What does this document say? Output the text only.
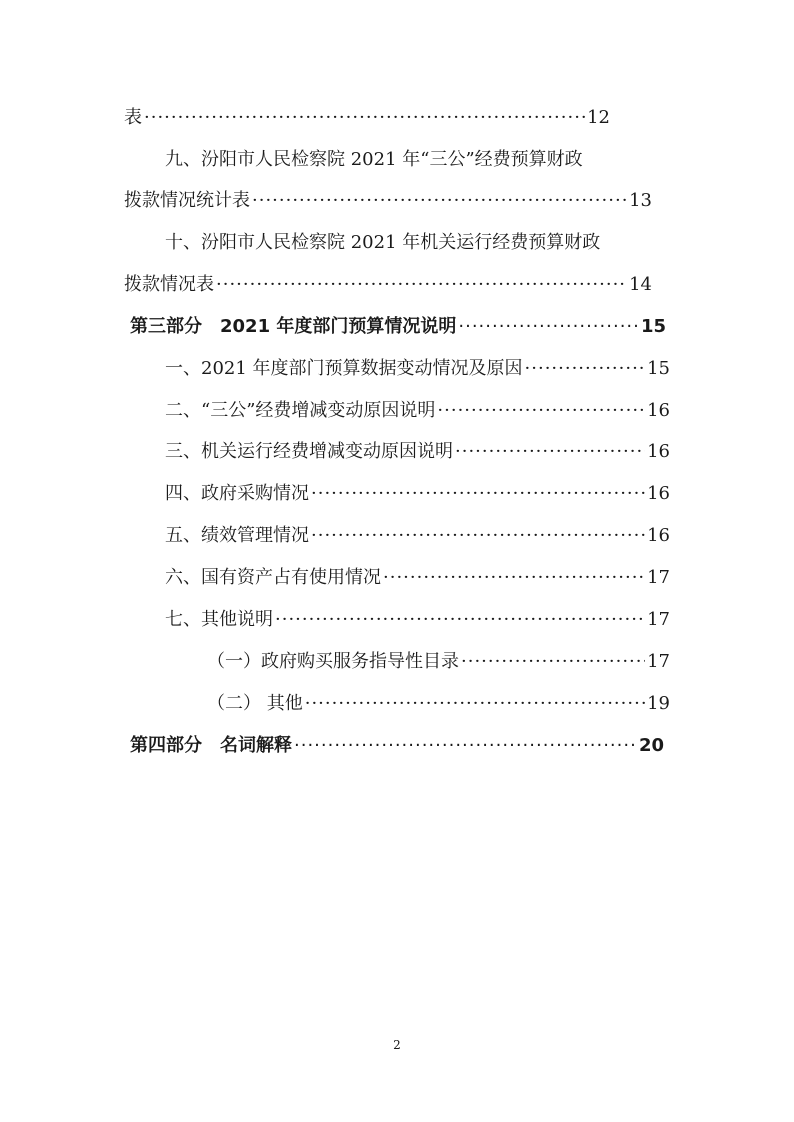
表 ·····	12
九、汾阳市人民检察院 2021 年“三公”经费预算财政
拨款情况统计表 ·····	13
十、汾阳市人民检察院 2021 年机关运行经费预算财政
拨款情况表 ·····	14
第三部分　2021 年度部门预算情况说明 ·····	15
一、2021 年度部门预算数据变动情况及原因 ·····	15
二、“三公”经费增减变动原因说明 ·····	16
三、机关运行经费增减变动原因说明 ·····	16
四、政府采购情况 ·····	16
五、绩效管理情况 ·····	16
六、国有资产占有使用情况 ·····	17
七、其他说明 ·····	17
（一）政府购买服务指导性目录 ·····	17
（二） 其他 ·····	19
第四部分　名词解释 ·····	20
2
